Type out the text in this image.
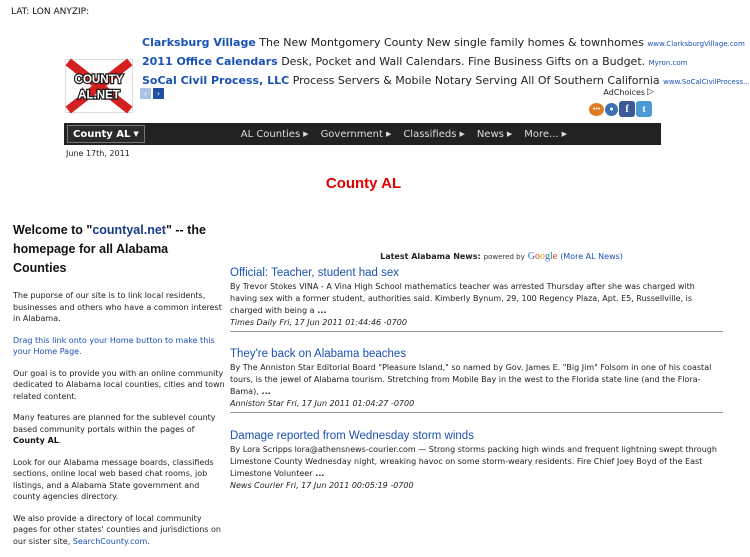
LAT: LON ANYZIP:
COUNTY
AL.NET
Clarksburg Village The New Montgomery County New single family homes & townhomes www.ClarksburgVillage.com
2011 Office Calendars Desk, Pocket and Wall Calendars. Fine Business Gifts on a Budget. Myron.com
SoCal Civil Process, LLC Process Servers & Mobile Notary Serving All Of Southern California www.SoCalCivilProcess...
‹	›	AdChoices ▷
•••	●	f	t
County AL ▼	AL Counties ▶ Government ▶ Classifieds ▶ News ▶ More... ▶
June 17th, 2011
County AL
Welcome to "countyal.net" -- the homepage for all Alabama Counties

The puporse of our site is to link local residents, businesses and others who have a common interest in Alabama.

Drag this link onto your Home button to make this your Home Page.

Our goal is to provide you with an online community dedicated to Alabama local counties, cities and town related content.

Many features are planned for the sublevel county based community portals within the pages of County AL.

Look for our Alabama message boards, classifieds sections, online local web based chat rooms, job listings, and a Alabama State government and county agencies directory.

We also provide a directory of local community pages for other states' counties and jurisdictions on our sister site, SearchCounty.com.

Latest Alabama News: powered by Google (More AL News)
Official: Teacher, student had sex
By Trevor Stokes VINA - A Vina High School mathematics teacher was arrested Thursday after she was charged with having sex with a former student, authorities said. Kimberly Bynum, 29, 100 Regency Plaza, Apt. E5, Russellville, is charged with being a ...
Times Daily Fri, 17 Jun 2011 01:44:46 -0700
They're back on Alabama beaches
By The Anniston Star Editorial Board "Pleasure Island," so named by Gov. James E. "Big Jim" Folsom in one of his coastal tours, is the jewel of Alabama tourism. Stretching from Mobile Bay in the west to the Florida state line (and the Flora-Bama), ...
Anniston Star Fri, 17 Jun 2011 01:04:27 -0700
Damage reported from Wednesday storm winds
By Lora Scripps lora@athensnews-courier.com — Strong storms packing high winds and frequent lightning swept through Limestone County Wednesday night, wreaking havoc on some storm-weary residents. Fire Chief Joey Boyd of the East Limestone Volunteer ...
News Courier Fri, 17 Jun 2011 00:05:19 -0700
